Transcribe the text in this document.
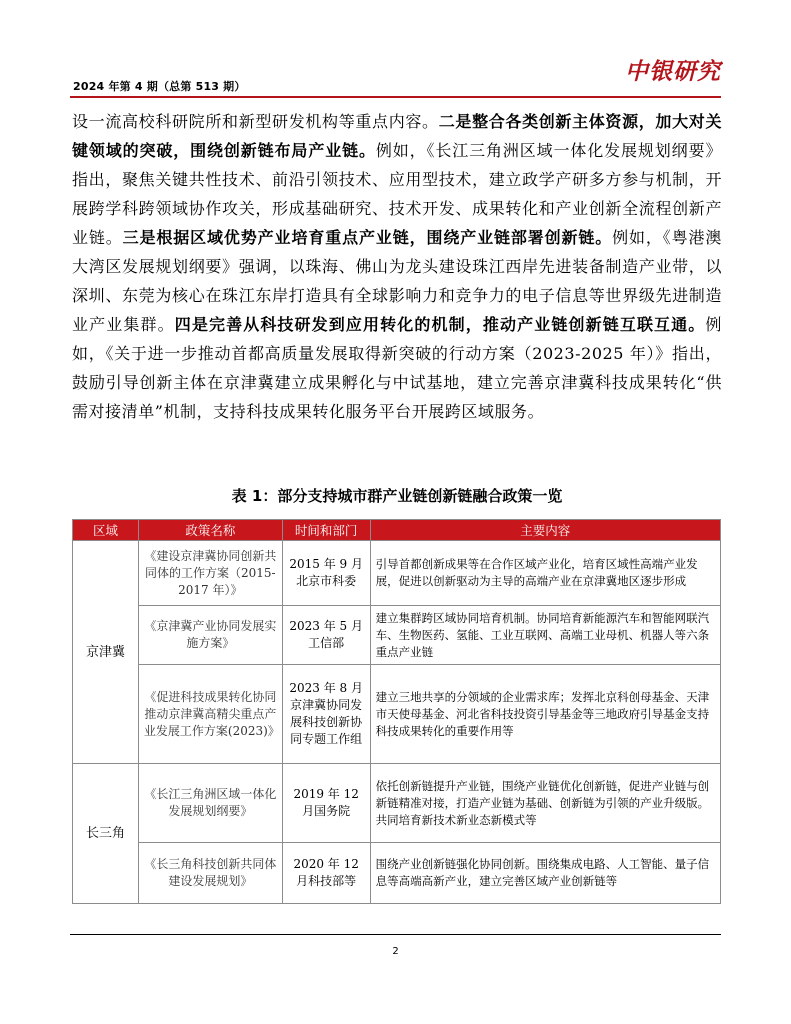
2024 年第 4 期（总第 513 期）
中银研究

设一流高校科研院所和新型研发机构等重点内容。二是整合各类创新主体资源，加大对关键领域的突破，围绕创新链布局产业链。例如，《长江三角洲区域一体化发展规划纲要》指出，聚焦关键共性技术、前沿引领技术、应用型技术，建立政学产研多方参与机制，开展跨学科跨领域协作攻关，形成基础研究、技术开发、成果转化和产业创新全流程创新产业链。三是根据区域优势产业培育重点产业链，围绕产业链部署创新链。例如，《粤港澳大湾区发展规划纲要》强调，以珠海、佛山为龙头建设珠江西岸先进装备制造产业带，以深圳、东莞为核心在珠江东岸打造具有全球影响力和竞争力的电子信息等世界级先进制造业产业集群。四是完善从科技研发到应用转化的机制，推动产业链创新链互联互通。例如，《关于进一步推动首都高质量发展取得新突破的行动方案（2023-2025 年）》指出，鼓励引导创新主体在京津冀建立成果孵化与中试基地，建立完善京津冀科技成果转化“供需对接清单”机制，支持科技成果转化服务平台开展跨区域服务。

表 1：部分支持城市群产业链创新链融合政策一览
区域	政策名称	时间和部门	主要内容
京津冀	《建设京津冀协同创新共同体的工作方案（2015-2017 年）》	2015 年 9 月北京市科委	引导首都创新成果等在合作区域产业化，培育区域性高端产业发展，促进以创新驱动为主导的高端产业在京津冀地区逐步形成
	《京津冀产业协同发展实施方案》	2023 年 5 月工信部	建立集群跨区域协同培育机制。协同培育新能源汽车和智能网联汽车、生物医药、氢能、工业互联网、高端工业母机、机器人等六条重点产业链
	《促进科技成果转化协同推动京津冀高精尖重点产业发展工作方案(2023)》	2023 年 8 月京津冀协同发展科技创新协同专题工作组	建立三地共享的分领域的企业需求库；发挥北京科创母基金、天津市天使母基金、河北省科技投资引导基金等三地政府引导基金支持科技成果转化的重要作用等
长三角	《长江三角洲区域一体化发展规划纲要》	2019 年 12 月国务院	依托创新链提升产业链，围绕产业链优化创新链，促进产业链与创新链精准对接，打造产业链为基础、创新链为引领的产业升级版。共同培育新技术新业态新模式等
	《长三角科技创新共同体建设发展规划》	2020 年 12 月科技部等	围绕产业创新链强化协同创新。围绕集成电路、人工智能、量子信息等高端高新产业，建立完善区域产业创新链等
2
